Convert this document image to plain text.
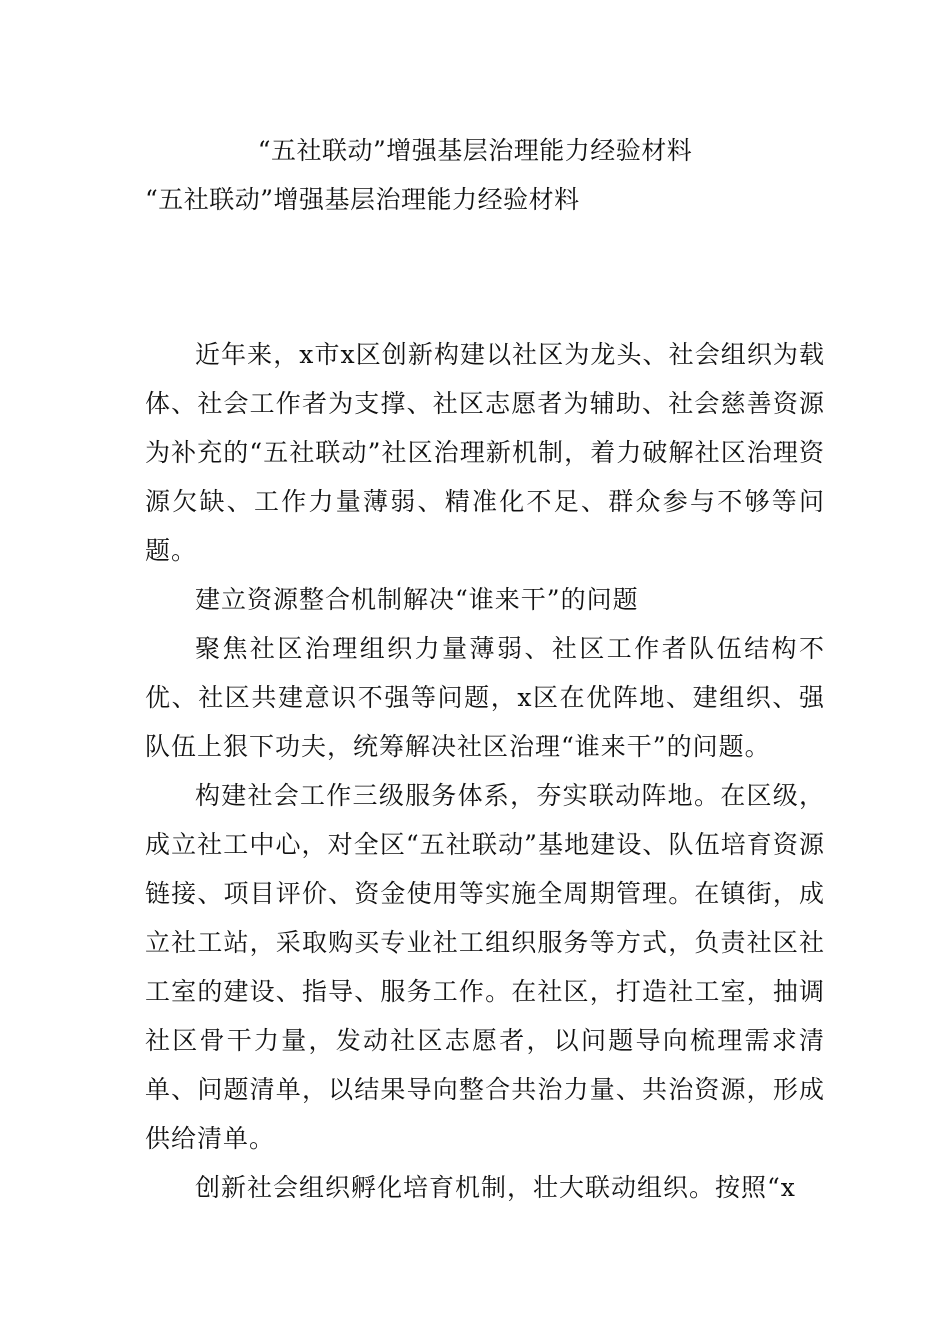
“五社联动”增强基层治理能力经验材料
“五社联动”增强基层治理能力经验材料

近年来，x市x区创新构建以社区为龙头、社会组织为载体、社会工作者为支撑、社区志愿者为辅助、社会慈善资源为补充的“五社联动”社区治理新机制，着力破解社区治理资源欠缺、工作力量薄弱、精准化不足、群众参与不够等问题。

建立资源整合机制解决“谁来干”的问题

聚焦社区治理组织力量薄弱、社区工作者队伍结构不优、社区共建意识不强等问题，x区在优阵地、建组织、强队伍上狠下功夫，统筹解决社区治理“谁来干”的问题。

构建社会工作三级服务体系，夯实联动阵地。在区级，成立社工中心，对全区“五社联动”基地建设、队伍培育资源链接、项目评价、资金使用等实施全周期管理。在镇街，成立社工站，采取购买专业社工组织服务等方式，负责社区社工室的建设、指导、服务工作。在社区，打造社工室，抽调社区骨干力量，发动社区志愿者，以问题导向梳理需求清单、问题清单，以结果导向整合共治力量、共治资源，形成供给清单。

创新社会组织孵化培育机制，壮大联动组织。按照“x
